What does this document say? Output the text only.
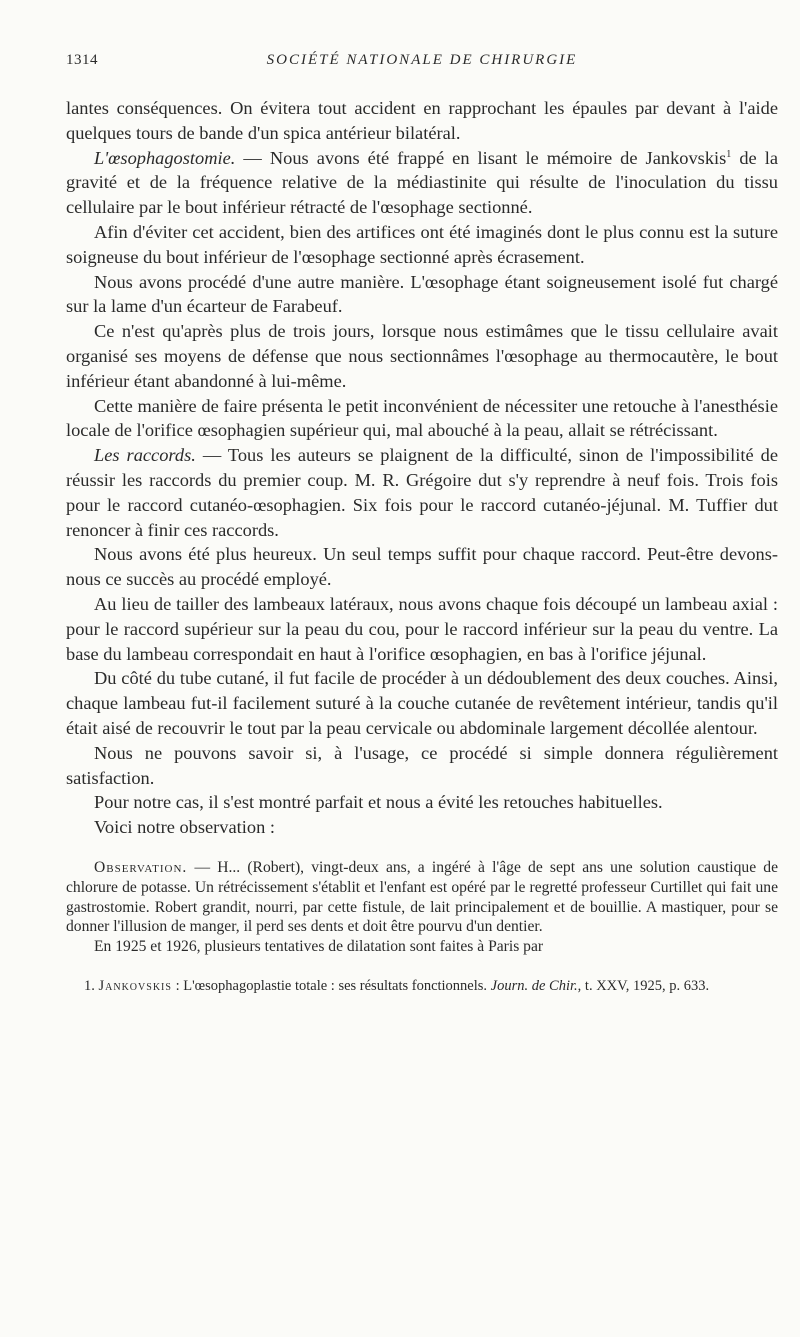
1314	SOCIÉTÉ NATIONALE DE CHIRURGIE

lantes conséquences. On évitera tout accident en rapprochant les épaules par devant à l'aide quelques tours de bande d'un spica antérieur bilatéral.

L'œsophagostomie. — Nous avons été frappé en lisant le mémoire de Jankovskis$^1$ de la gravité et de la fréquence relative de la médiastinite qui résulte de l'inoculation du tissu cellulaire par le bout inférieur rétracté de l'œsophage sectionné.

Afin d'éviter cet accident, bien des artifices ont été imaginés dont le plus connu est la suture soigneuse du bout inférieur de l'œsophage sectionné après écrasement.

Nous avons procédé d'une autre manière. L'œsophage étant soigneusement isolé fut chargé sur la lame d'un écarteur de Farabeuf.

Ce n'est qu'après plus de trois jours, lorsque nous estimâmes que le tissu cellulaire avait organisé ses moyens de défense que nous sectionnâmes l'œsophage au thermocautère, le bout inférieur étant abandonné à lui-même.

Cette manière de faire présenta le petit inconvénient de nécessiter une retouche à l'anesthésie locale de l'orifice œsophagien supérieur qui, mal abouché à la peau, allait se rétrécissant.

Les raccords. — Tous les auteurs se plaignent de la difficulté, sinon de l'impossibilité de réussir les raccords du premier coup. M. R. Grégoire dut s'y reprendre à neuf fois. Trois fois pour le raccord cutanéo-œsophagien. Six fois pour le raccord cutanéo-jéjunal. M. Tuffier dut renoncer à finir ces raccords.

Nous avons été plus heureux. Un seul temps suffit pour chaque raccord. Peut-être devons-nous ce succès au procédé employé.

Au lieu de tailler des lambeaux latéraux, nous avons chaque fois découpé un lambeau axial : pour le raccord supérieur sur la peau du cou, pour le raccord inférieur sur la peau du ventre. La base du lambeau correspondait en haut à l'orifice œsophagien, en bas à l'orifice jéjunal.

Du côté du tube cutané, il fut facile de procéder à un dédoublement des deux couches. Ainsi, chaque lambeau fut-il facilement suturé à la couche cutanée de revêtement intérieur, tandis qu'il était aisé de recouvrir le tout par la peau cervicale ou abdominale largement décollée alentour.

Nous ne pouvons savoir si, à l'usage, ce procédé si simple donnera régulièrement satisfaction.

Pour notre cas, il s'est montré parfait et nous a évité les retouches habituelles.

Voici notre observation :

Observation. — H... (Robert), vingt-deux ans, a ingéré à l'âge de sept ans une solution caustique de chlorure de potasse. Un rétrécissement s'établit et l'enfant est opéré par le regretté professeur Curtillet qui fait une gastrostomie. Robert grandit, nourri, par cette fistule, de lait principalement et de bouillie. A mastiquer, pour se donner l'illusion de manger, il perd ses dents et doit être pourvu d'un dentier.

En 1925 et 1926, plusieurs tentatives de dilatation sont faites à Paris par

1. Jankovskis : L'œsophagoplastie totale : ses résultats fonctionnels. Journ. de Chir., t. XXV, 1925, p. 633.
